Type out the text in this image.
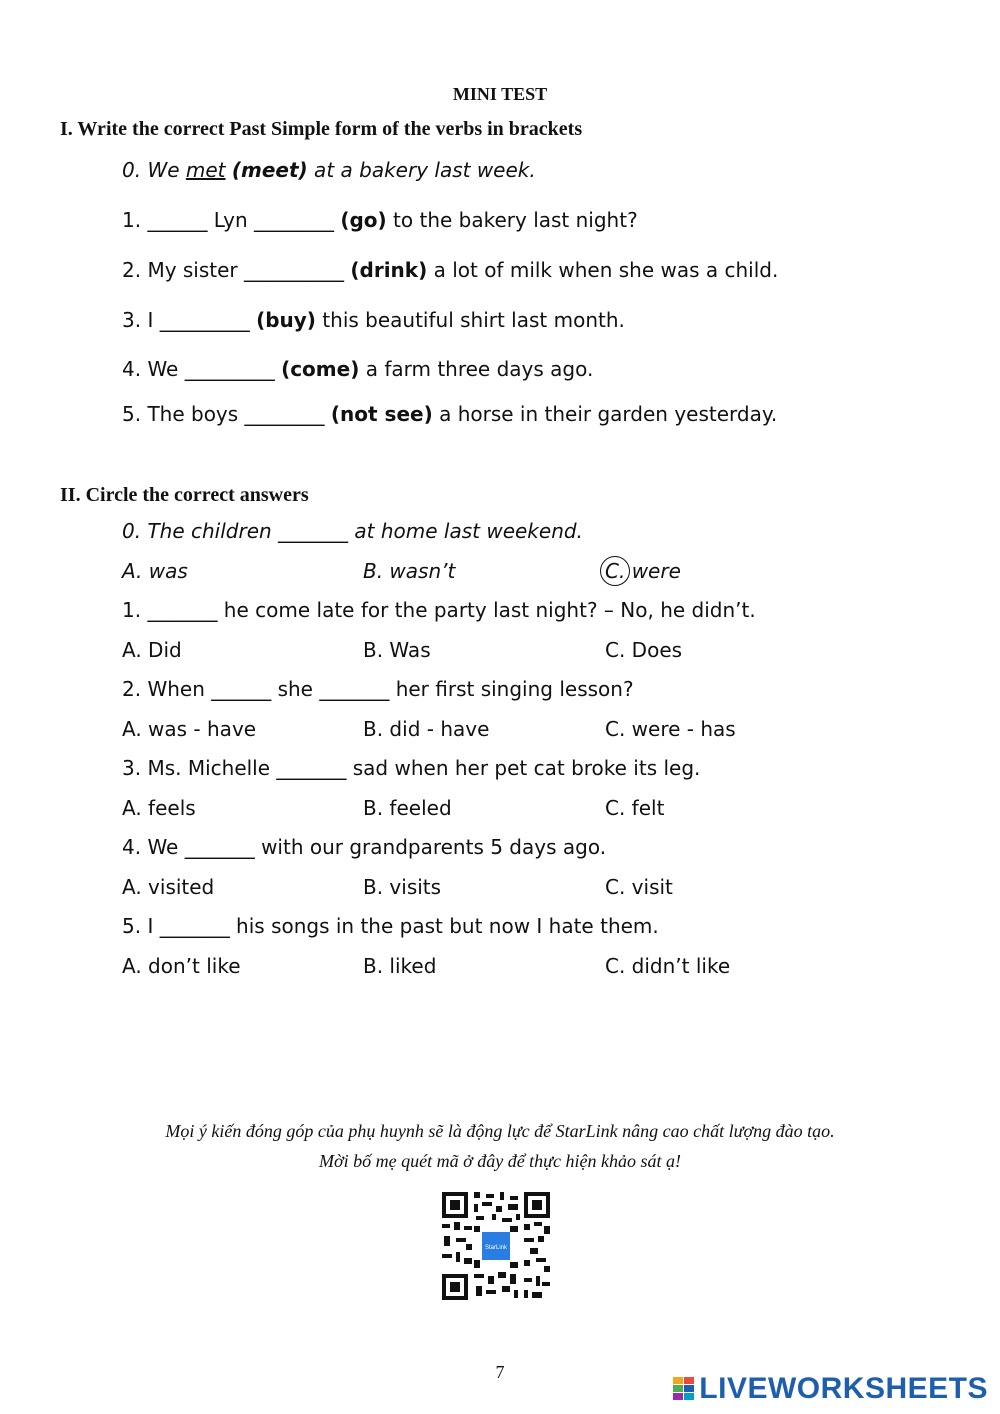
MINI TEST
I. Write the correct Past Simple form of the verbs in brackets
0. We met (meet) at a bakery last week.
1. ______ Lyn ________ (go) to the bakery last night?
2. My sister __________ (drink) a lot of milk when she was a child.
3. I _________ (buy) this beautiful shirt last month.
4. We _________ (come) a farm three days ago.
5. The boys ________ (not see) a horse in their garden yesterday.
II. Circle the correct answers
0. The children _______ at home last weekend.
A. was	B. wasn’t	C. were
1. _______ he come late for the party last night? – No, he didn’t.
A. Did	B. Was	C. Does
2. When ______ she _______ her first singing lesson?
A. was - have	B. did - have	C. were - has
3. Ms. Michelle _______ sad when her pet cat broke its leg.
A. feels	B. feeled	C. felt
4. We _______ with our grandparents 5 days ago.
A. visited	B. visits	C. visit
5. I _______ his songs in the past but now I hate them.
A. don’t like	B. liked	C. didn’t like
Mọi ý kiến đóng góp của phụ huynh sẽ là động lực để StarLink nâng cao chất lượng đào tạo.
Mời bố mẹ quét mã ở đây để thực hiện khảo sát ạ!
StarLink
7	LIVEWORKSHEETS
